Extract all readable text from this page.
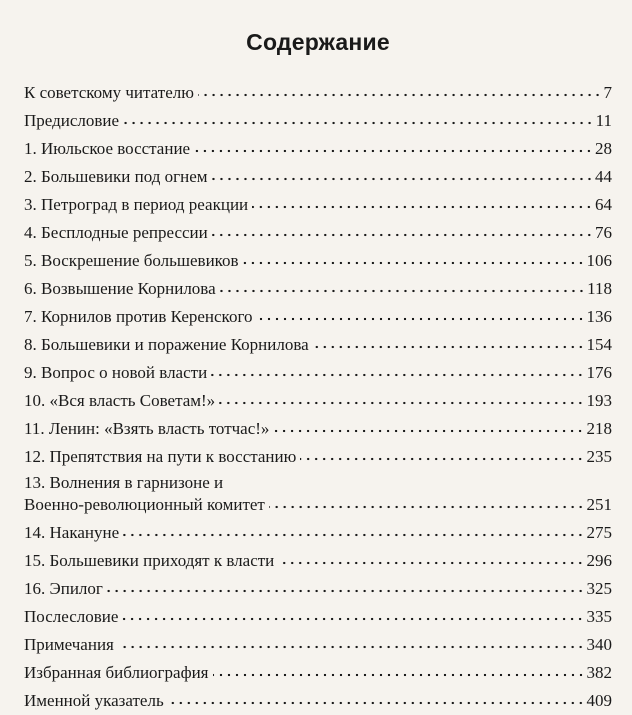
Содержание
К советскому читателю	7
Предисловие	11
1. Июльское восстание	28
2. Большевики под огнем	44
3. Петроград в период реакции	64
4. Бесплодные репрессии	76
5. Воскрешение большевиков	106
6. Возвышение Корнилова	118
7. Корнилов против Керенского	136
8. Большевики и поражение Корнилова	154
9. Вопрос о новой власти	176
10. «Вся власть Советам!»	193
11. Ленин: «Взять власть тотчас!»	218
12. Препятствия на пути к восстанию	235
13. Волнения в гарнизоне и
Военно-революционный комитет	251
14. Накануне	275
15. Большевики приходят к власти	296
16. Эпилог	325
Послесловие	335
Примечания	340
Избранная библиография	382
Именной указатель	409
